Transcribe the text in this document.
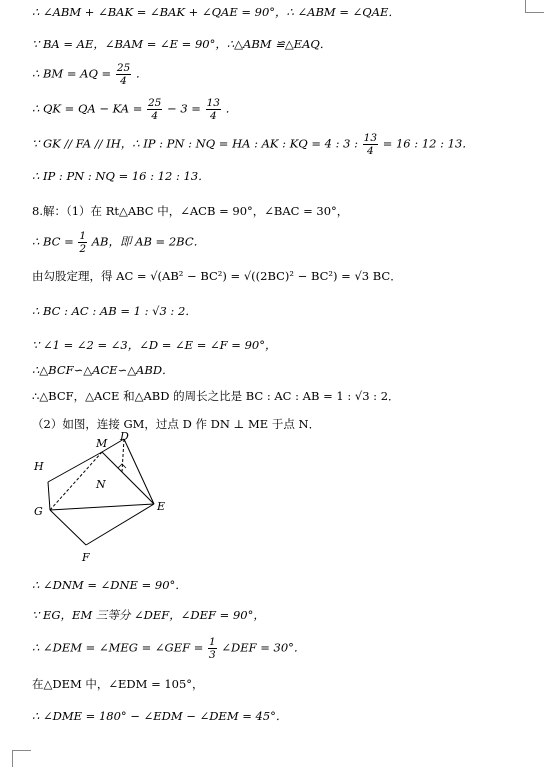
∴ ∠ABM + ∠BAK = ∠BAK + ∠QAE = 90°，∴ ∠ABM = ∠QAE．
∵ BA = AE，∠BAM = ∠E = 90°，∴△ABM ≌△EAQ．
∴ BM = AQ = $\frac{25}{4}$ ．
∴ QK = QA − KA = $\frac{25}{4} - 3 = \frac{13}{4}$ ．
∵ GK // FA // IH，∴ IP : PN : NQ = HA : AK : KQ = 4 : 3 : $\frac{13}{4} = 16$ : 12 : 13．
∴ IP : PN : NQ = 16 : 12 : 13．
8.解：（1）在 Rt△ABC 中，∠ACB = 90°，∠BAC = 30°，
∴ BC = $\frac{1}{2}$ AB，即 AB = 2BC．
由勾股定理，得 AC = √(AB² − BC²) = √((2BC)² − BC²) = √3 BC．
∴ BC : AC : AB = 1 : √3 : 2．
∵ ∠1 = ∠2 = ∠3，∠D = ∠E = ∠F = 90°，
∴△BCF∽△ACE∽△ABD．
∴△BCF，△ACE 和△ABD 的周长之比是 BC : AC : AB = 1 : √3 : 2．
（2）如图，连接 GM，过点 D 作 DN ⊥ ME 于点 N．
H
M
D
N
G	E
F
∴ ∠DNM = ∠DNE = 90°．
∵ EG，EM 三等分 ∠DEF，∠DEF = 90°，
∴ ∠DEM = ∠MEG = ∠GEF = $\frac{1}{3}$ ∠DEF = 30°．
在△DEM 中，∠EDM = 105°，
∴ ∠DME = 180° − ∠EDM − ∠DEM = 45°．
